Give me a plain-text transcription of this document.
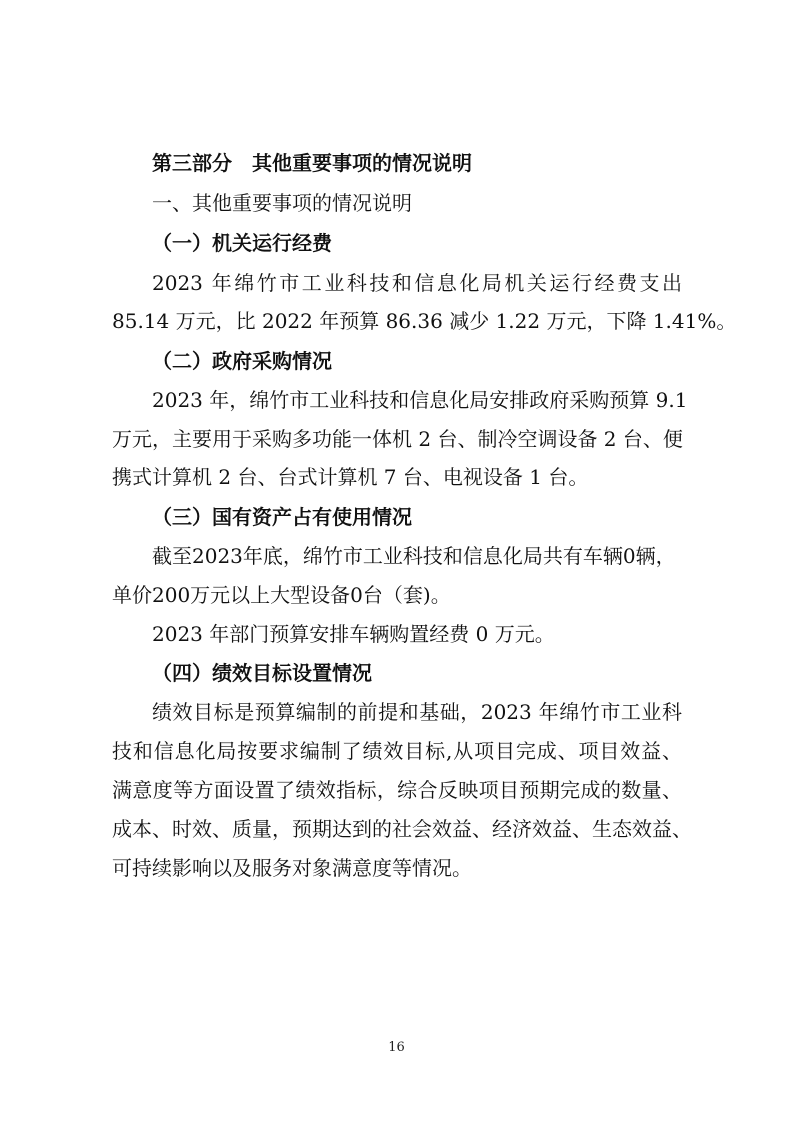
第三部分　其他重要事项的情况说明
一、其他重要事项的情况说明
（一）机关运行经费
2023 年绵竹市工业科技和信息化局机关运行经费支出
85.14 万元，比 2022 年预算 86.36 减少 1.22 万元，下降 1.41%。
（二）政府采购情况
2023 年，绵竹市工业科技和信息化局安排政府采购预算 9.1
万元，主要用于采购多功能一体机 2 台、制冷空调设备 2 台、便
携式计算机 2 台、台式计算机 7 台、电视设备 1 台。
（三）国有资产占有使用情况
截至2023年底，绵竹市工业科技和信息化局共有车辆0辆，
单价200万元以上大型设备0台（套)。
2023 年部门预算安排车辆购置经费 0 万元。
（四）绩效目标设置情况
绩效目标是预算编制的前提和基础，2023 年绵竹市工业科
技和信息化局按要求编制了绩效目标,从项目完成、项目效益、
满意度等方面设置了绩效指标，综合反映项目预期完成的数量、
成本、时效、质量，预期达到的社会效益、经济效益、生态效益、
可持续影响以及服务对象满意度等情况。
16
